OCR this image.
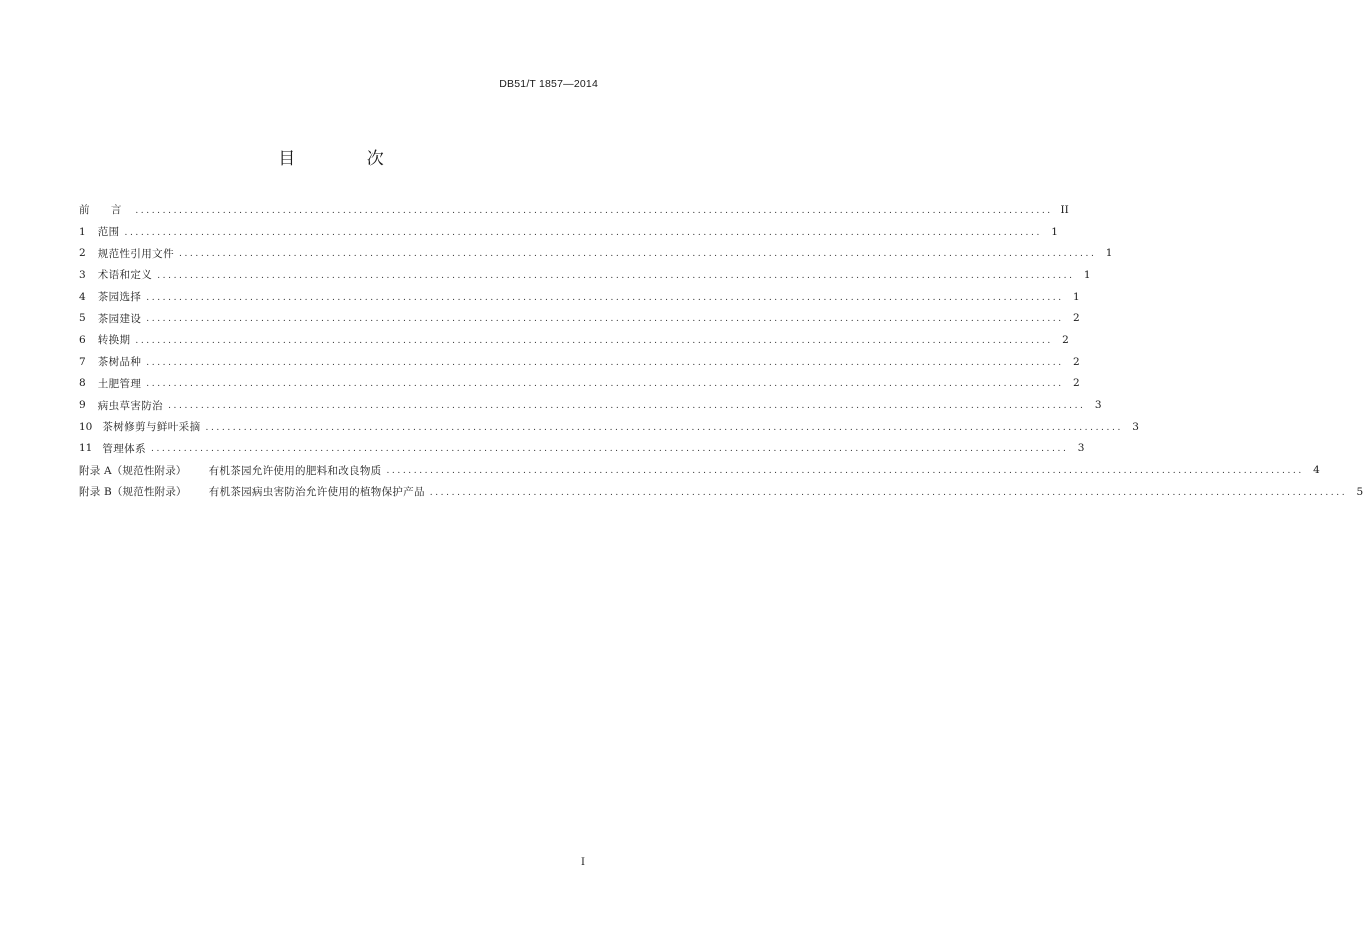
DB51/T 1857—2014
目 次
前 言 ........................................................................................................................................................................ II
1 范围 ........................................................................................................................................................................ 1
2 规范性引用文件 ........................................................................................................................................................................ 1
3 术语和定义 ........................................................................................................................................................................ 1
4 茶园选择 ........................................................................................................................................................................ 1
5 茶园建设 ........................................................................................................................................................................ 2
6 转换期 ........................................................................................................................................................................ 2
7 茶树品种 ........................................................................................................................................................................ 2
8 土肥管理 ........................................................................................................................................................................ 2
9 病虫草害防治 ........................................................................................................................................................................ 3
10 茶树修剪与鲜叶采摘 ........................................................................................................................................................................ 3
11 管理体系 ........................................................................................................................................................................ 3
附录 A（规范性附录） 有机茶园允许使用的肥料和改良物质 ........................................................................................................................................................................ 4
附录 B（规范性附录） 有机茶园病虫害防治允许使用的植物保护产品 ........................................................................................................................................................................ 5
I
